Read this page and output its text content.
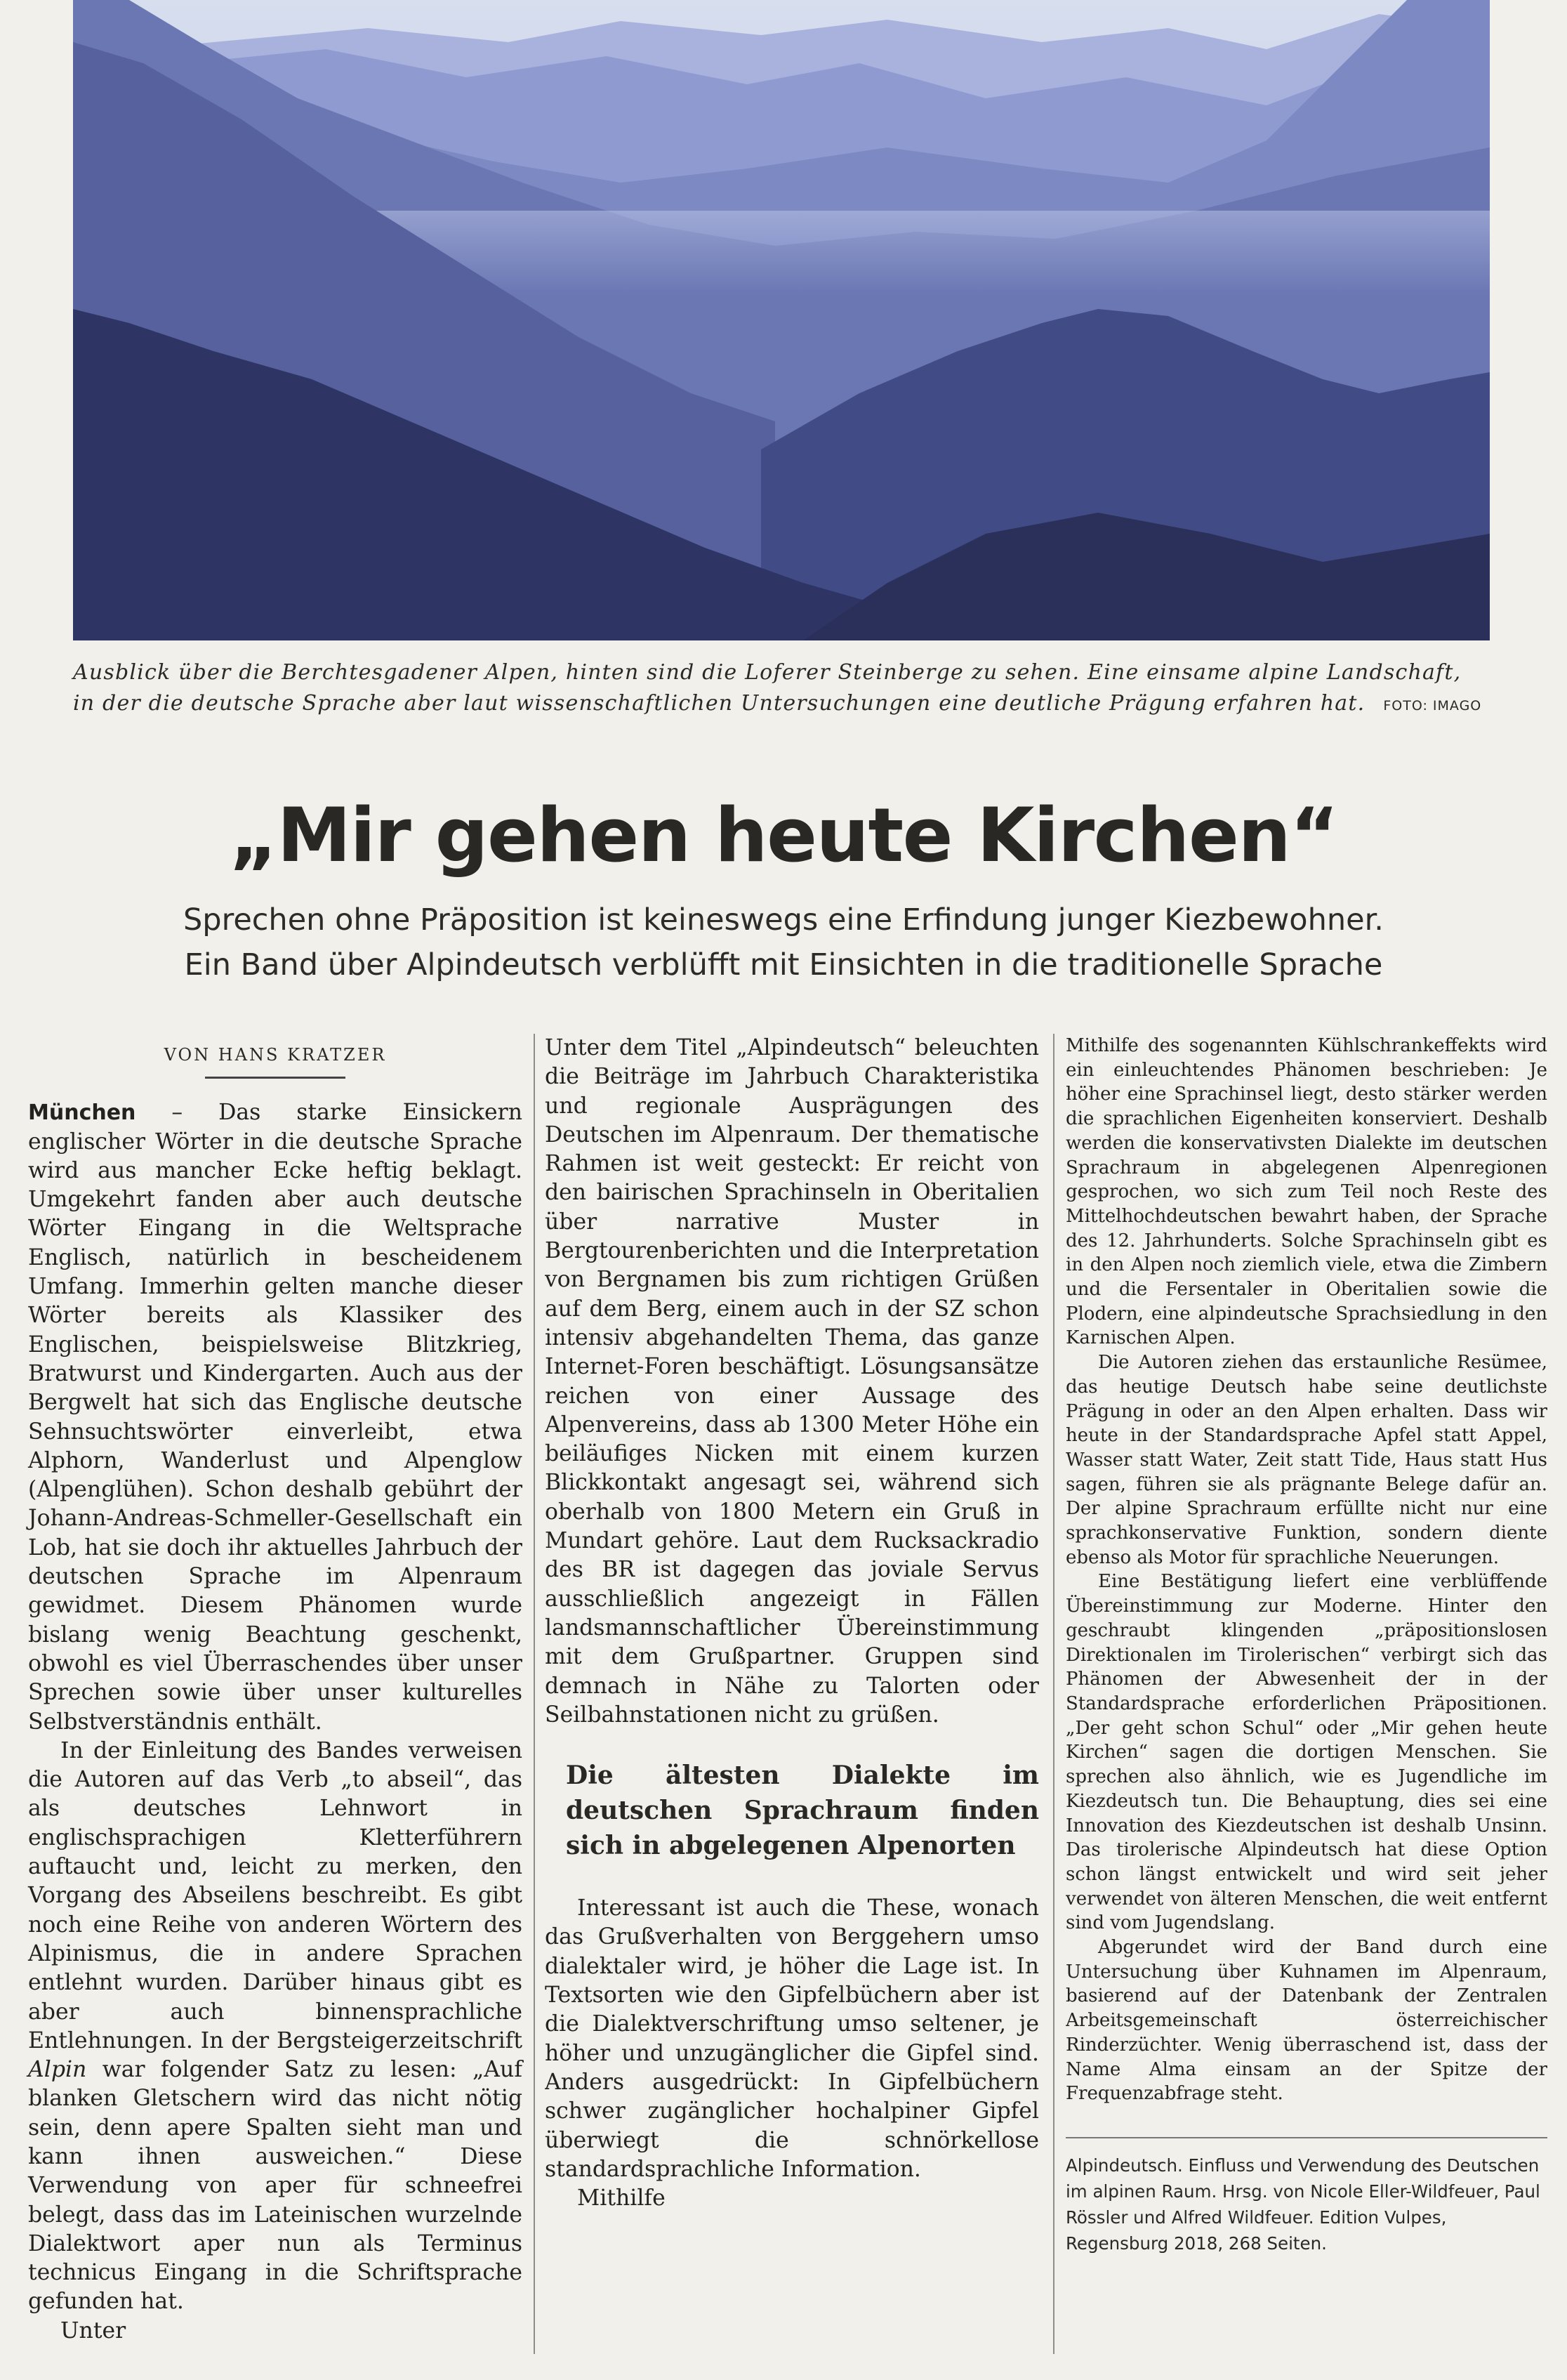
Ausblick über die Berchtesgadener Alpen, hinten sind die Loferer Steinberge zu sehen. Eine einsame alpine Landschaft, in der die deutsche Sprache aber laut wissenschaftlichen Untersuchungen eine deutliche Prägung erfahren hat. FOTO: IMAGO
„Mir gehen heute Kirchen“
Sprechen ohne Präposition ist keineswegs eine Erfindung junger Kiezbewohner.
Ein Band über Alpindeutsch verblüfft mit Einsichten in die traditionelle Sprache
VON HANS KRATZER

München – Das starke Einsickern englischer Wörter in die deutsche Sprache wird aus mancher Ecke heftig beklagt. Umgekehrt fanden aber auch deutsche Wörter Eingang in die Weltsprache Englisch, natürlich in bescheidenem Umfang. Immerhin gelten manche dieser Wörter bereits als Klassiker des Englischen, beispielsweise Blitzkrieg, Bratwurst und Kindergarten. Auch aus der Bergwelt hat sich das Englische deutsche Sehnsuchtswörter einverleibt, etwa Alphorn, Wanderlust und Alpenglow (Alpenglühen). Schon deshalb gebührt der Johann-Andreas-Schmeller-Gesellschaft ein Lob, hat sie doch ihr aktuelles Jahrbuch der deutschen Sprache im Alpenraum gewidmet. Diesem Phänomen wurde bislang wenig Beachtung geschenkt, obwohl es viel Überraschendes über unser Sprechen sowie über unser kulturelles Selbstverständnis enthält.

In der Einleitung des Bandes verweisen die Autoren auf das Verb „to abseil“, das als deutsches Lehnwort in englischsprachigen Kletterführern auftaucht und, leicht zu merken, den Vorgang des Abseilens beschreibt. Es gibt noch eine Reihe von anderen Wörtern des Alpinismus, die in andere Sprachen entlehnt wurden. Darüber hinaus gibt es aber auch binnensprachliche Entlehnungen. In der Bergsteigerzeitschrift Alpin war folgender Satz zu lesen: „Auf blanken Gletschern wird das nicht nötig sein, denn apere Spalten sieht man und kann ihnen ausweichen.“ Diese Verwendung von aper für schneefrei belegt, dass das im Lateinischen wurzelnde Dialektwort aper nun als Terminus technicus Eingang in die Schriftsprache gefunden hat.

Unter

Unter dem Titel „Alpindeutsch“ beleuchten die Beiträge im Jahrbuch Charakteristika und regionale Ausprägungen des Deutschen im Alpenraum. Der thematische Rahmen ist weit gesteckt: Er reicht von den bairischen Sprachinseln in Oberitalien über narrative Muster in Bergtourenberichten und die Interpretation von Bergnamen bis zum richtigen Grüßen auf dem Berg, einem auch in der SZ schon intensiv abgehandelten Thema, das ganze Internet-Foren beschäftigt. Lösungsansätze reichen von einer Aussage des Alpenvereins, dass ab 1300 Meter Höhe ein beiläufiges Nicken mit einem kurzen Blickkontakt angesagt sei, während sich oberhalb von 1800 Metern ein Gruß in Mundart gehöre. Laut dem Rucksackradio des BR ist dagegen das joviale Servus ausschließlich angezeigt in Fällen landsmannschaftlicher Übereinstimmung mit dem Grußpartner. Gruppen sind demnach in Nähe zu Talorten oder Seilbahnstationen nicht zu grüßen.

Die ältesten Dialekte im deutschen Sprachraum finden sich in abgelegenen Alpenorten

Interessant ist auch die These, wonach das Grußverhalten von Berggehern umso dialektaler wird, je höher die Lage ist. In Textsorten wie den Gipfelbüchern aber ist die Dialektverschriftung umso seltener, je höher und unzugänglicher die Gipfel sind. Anders ausgedrückt: In Gipfelbüchern schwer zugänglicher hochalpiner Gipfel überwiegt die schnörkellose standardsprachliche Information.

Mithilfe

Mithilfe des sogenannten Kühlschrankeffekts wird ein einleuchtendes Phänomen beschrieben: Je höher eine Sprachinsel liegt, desto stärker werden die sprachlichen Eigenheiten konserviert. Deshalb werden die konservativsten Dialekte im deutschen Sprachraum in abgelegenen Alpenregionen gesprochen, wo sich zum Teil noch Reste des Mittelhochdeutschen bewahrt haben, der Sprache des 12. Jahrhunderts. Solche Sprachinseln gibt es in den Alpen noch ziemlich viele, etwa die Zimbern und die Fersentaler in Oberitalien sowie die Plodern, eine alpindeutsche Sprachsiedlung in den Karnischen Alpen.

Die Autoren ziehen das erstaunliche Resümee, das heutige Deutsch habe seine deutlichste Prägung in oder an den Alpen erhalten. Dass wir heute in der Standardsprache Apfel statt Appel, Wasser statt Water, Zeit statt Tide, Haus statt Hus sagen, führen sie als prägnante Belege dafür an. Der alpine Sprachraum erfüllte nicht nur eine sprachkonservative Funktion, sondern diente ebenso als Motor für sprachliche Neuerungen.

Eine Bestätigung liefert eine verblüffende Übereinstimmung zur Moderne. Hinter den geschraubt klingenden „präpositionslosen Direktionalen im Tirolerischen“ verbirgt sich das Phänomen der Abwesenheit der in der Standardsprache erforderlichen Präpositionen. „Der geht schon Schul“ oder „Mir gehen heute Kirchen“ sagen die dortigen Menschen. Sie sprechen also ähnlich, wie es Jugendliche im Kiezdeutsch tun. Die Behauptung, dies sei eine Innovation des Kiezdeutschen ist deshalb Unsinn. Das tirolerische Alpindeutsch hat diese Option schon längst entwickelt und wird seit jeher verwendet von älteren Menschen, die weit entfernt sind vom Jugendslang.

Abgerundet wird der Band durch eine Untersuchung über Kuhnamen im Alpenraum, basierend auf der Datenbank der Zentralen Arbeitsgemeinschaft österreichischer Rinderzüchter. Wenig überraschend ist, dass der Name Alma einsam an der Spitze der Frequenzabfrage steht.

Alpindeutsch. Einfluss und Verwendung des Deutschen im alpinen Raum. Hrsg. von Nicole Eller-Wildfeuer, Paul Rössler und Alfred Wildfeuer. Edition Vulpes, Regensburg 2018, 268 Seiten.
